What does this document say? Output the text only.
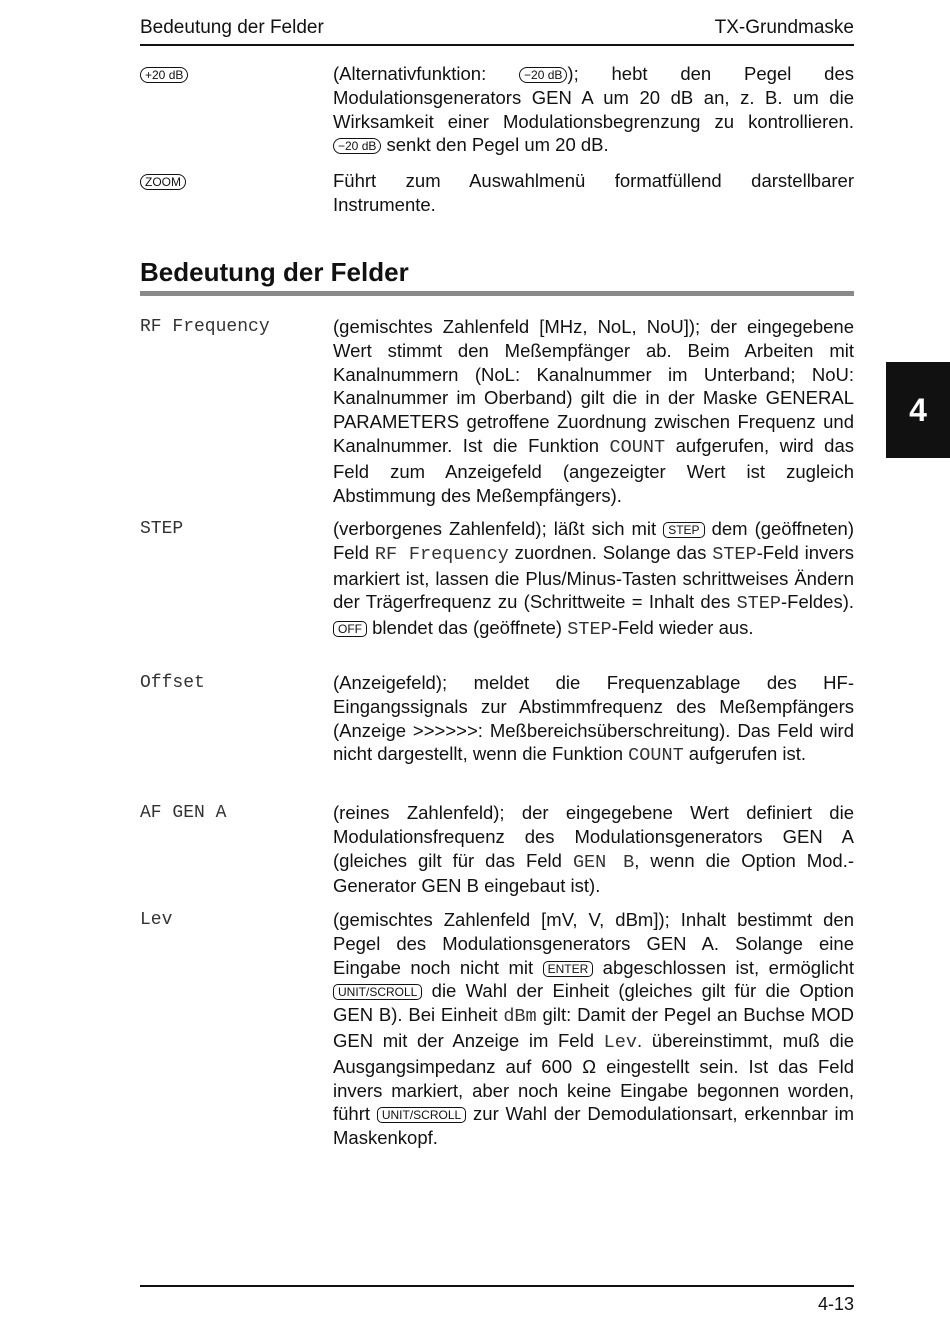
Bedeutung der Felder	TX-Grundmaske
+20 dB	(Alternativfunktion: −20 dB ); hebt den Pegel des Modulationsgenerators GEN A um 20 dB an, z. B. um die Wirksamkeit einer Modulationsbegrenzung zu kontrollieren. −20 dB senkt den Pegel um 20 dB.
ZOOM	Führt zum Auswahlmenü formatfüllend darstellbarer Instrumente.
Bedeutung der Felder
4
RF Frequency	(gemischtes Zahlenfeld [MHz, NoL, NoU]); der eingegebene Wert stimmt den Meßempfänger ab. Beim Arbeiten mit Kanalnummern (NoL: Kanalnummer im Unterband; NoU: Kanalnummer im Oberband) gilt die in der Maske GENERAL PARAMETERS getroffene Zuordnung zwischen Frequenz und Kanalnummer. Ist die Funktion COUNT aufgerufen, wird das Feld zum Anzeigefeld (angezeigter Wert ist zugleich Abstimmung des Meßempfängers).
STEP	(verborgenes Zahlenfeld); läßt sich mit STEP dem (geöffneten) Feld RF Frequency zuordnen. Solange das STEP-Feld invers markiert ist, lassen die Plus/Minus-Tasten schrittweises Ändern der Trägerfrequenz zu (Schrittweite = Inhalt des STEP-Feldes). OFF blendet das (geöffnete) STEP-Feld wieder aus.
Offset	(Anzeigefeld); meldet die Frequenzablage des HF-Eingangssignals zur Abstimmfrequenz des Meßempfängers (Anzeige >>>>>>: Meßbereichsüberschreitung). Das Feld wird nicht dargestellt, wenn die Funktion COUNT aufgerufen ist.
AF GEN A	(reines Zahlenfeld); der eingegebene Wert definiert die Modulationsfrequenz des Modulationsgenerators GEN A (gleiches gilt für das Feld GEN B, wenn die Option Mod.-Generator GEN B eingebaut ist).
Lev	(gemischtes Zahlenfeld [mV, V, dBm]); Inhalt bestimmt den Pegel des Modulationsgenerators GEN A. Solange eine Eingabe noch nicht mit ENTER abgeschlossen ist, ermöglicht UNIT/SCROLL die Wahl der Einheit (gleiches gilt für die Option GEN B). Bei Einheit dBm gilt: Damit der Pegel an Buchse MOD GEN mit der Anzeige im Feld Lev. übereinstimmt, muß die Ausgangsimpedanz auf 600 Ω eingestellt sein. Ist das Feld invers markiert, aber noch keine Eingabe begonnen worden, führt UNIT/SCROLL zur Wahl der Demodulationsart, erkennbar im Maskenkopf.
4-13
